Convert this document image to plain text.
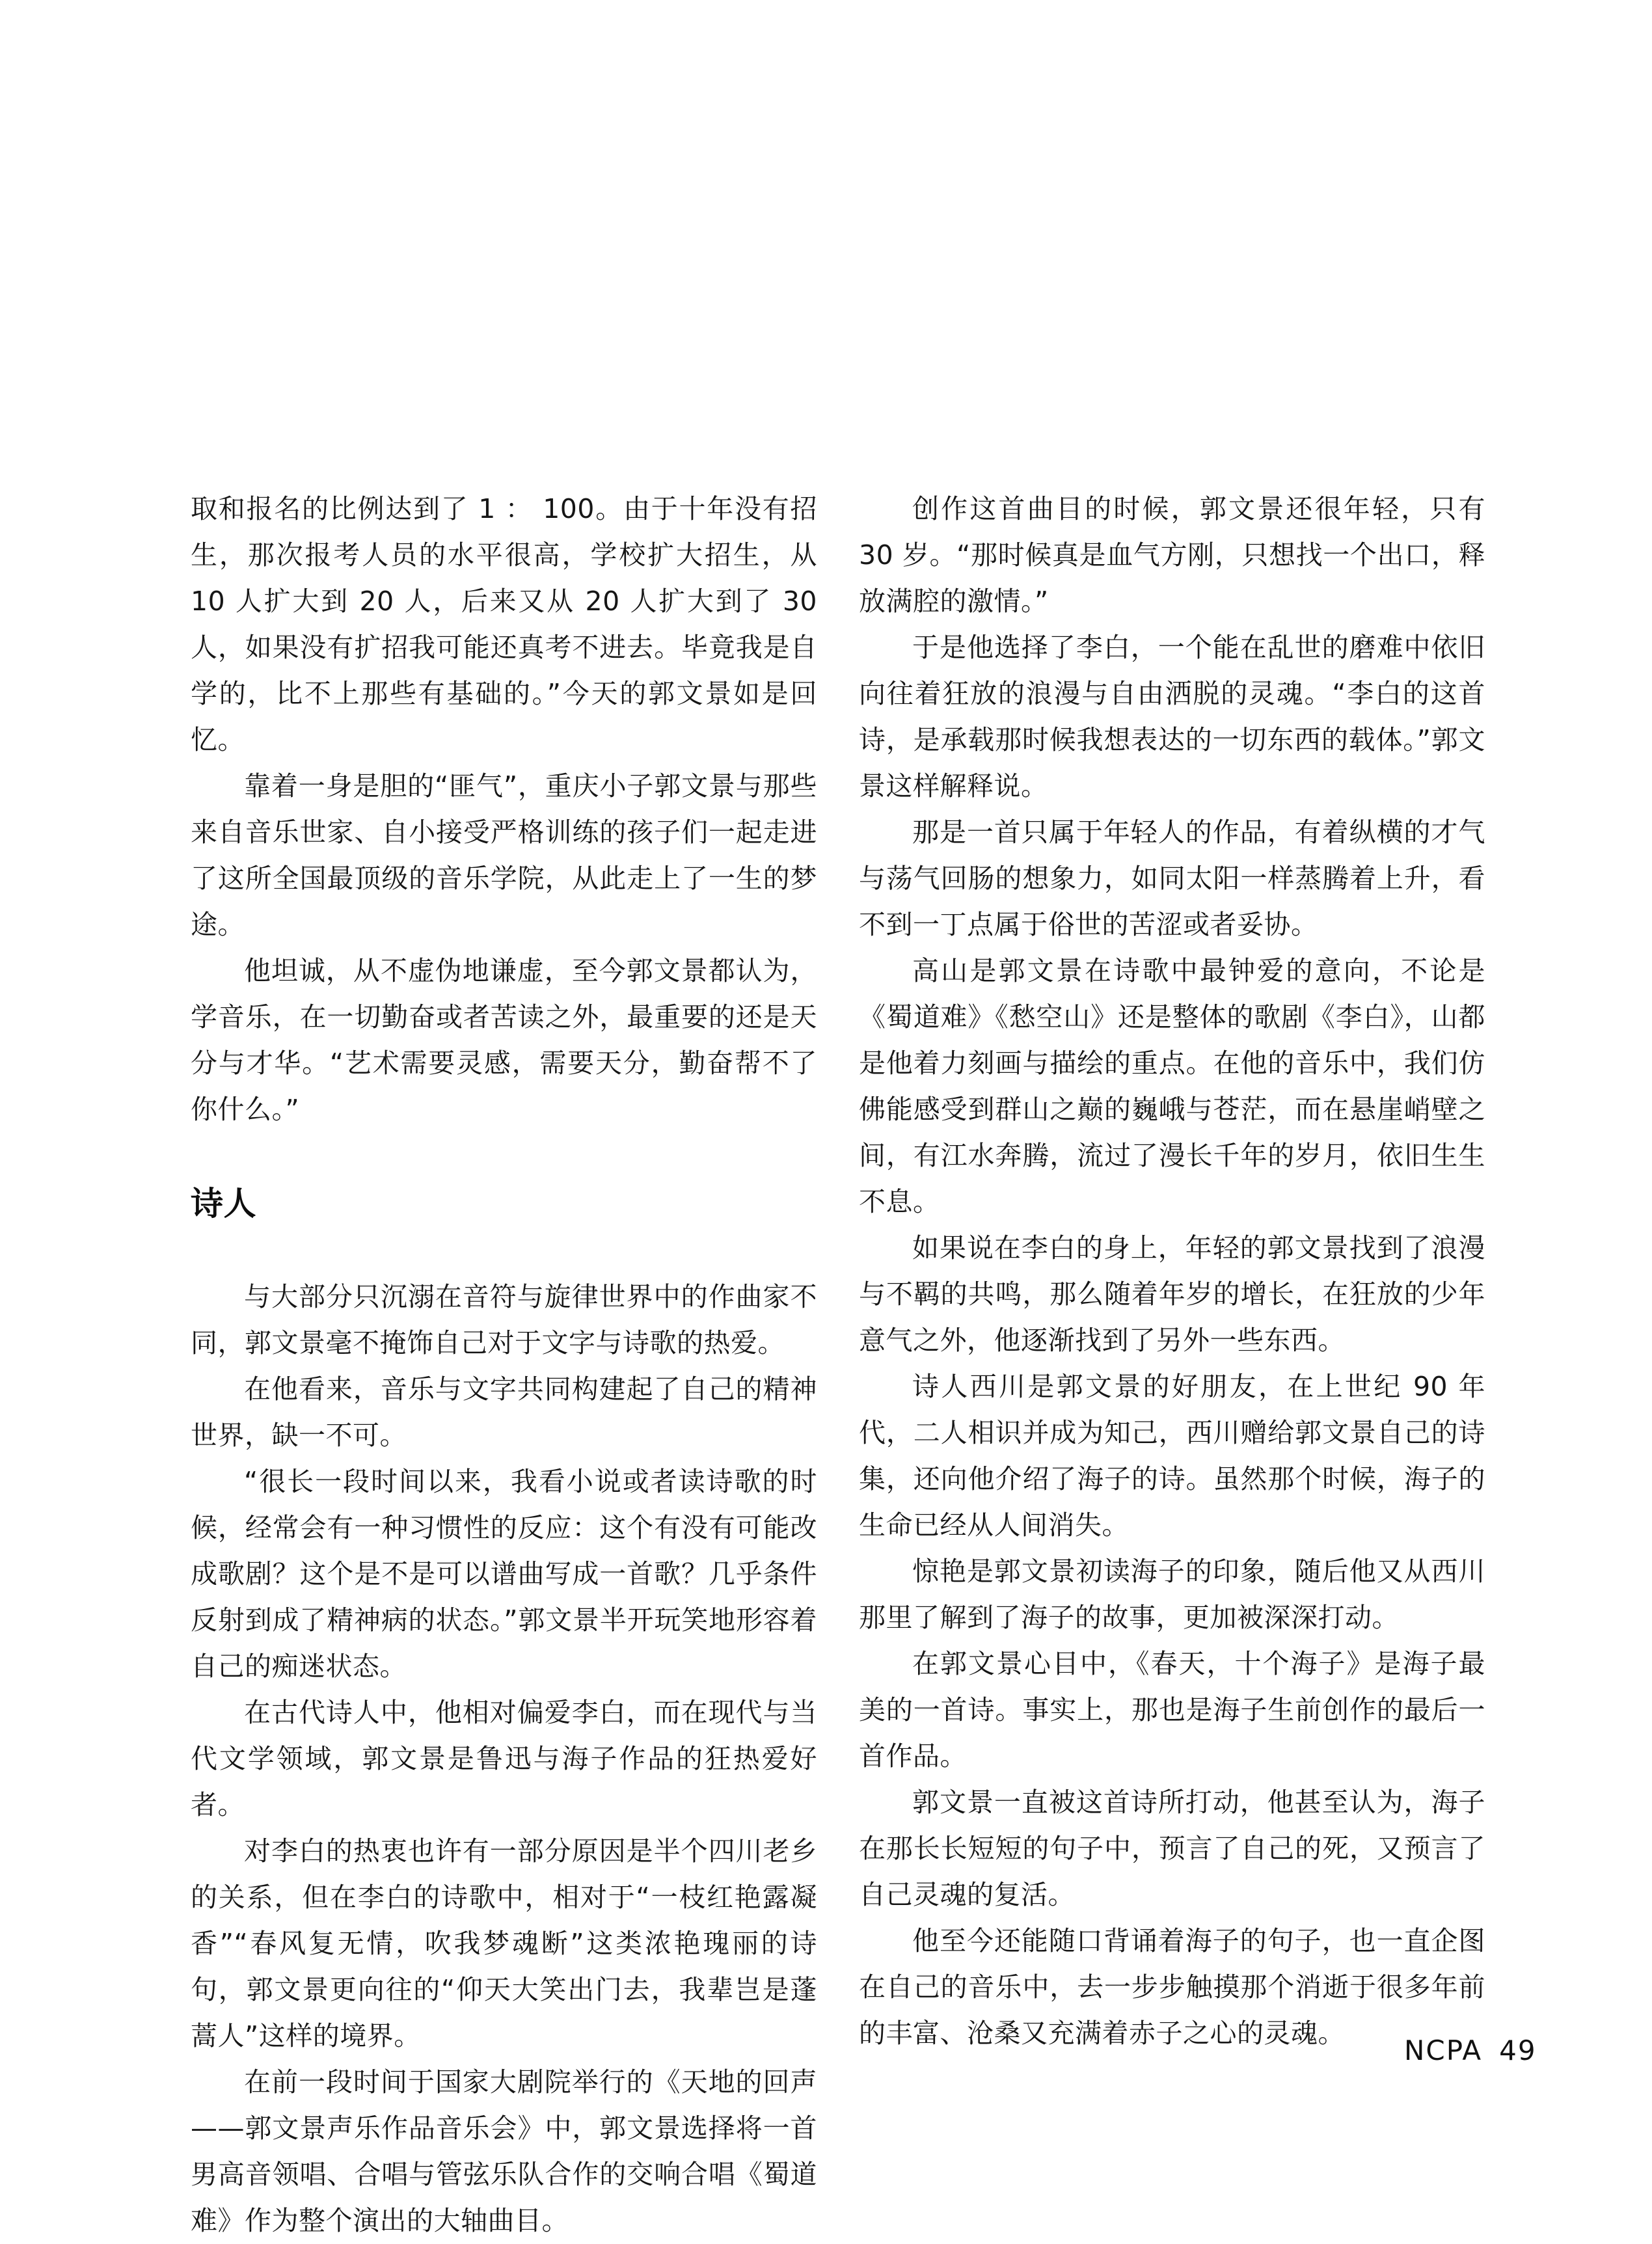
取和报名的比例达到了 1 ： 100。由于十年没有招生，那次报考人员的水平很高，学校扩大招生，从 10 人扩大到 20 人，后来又从 20 人扩大到了 30 人，如果没有扩招我可能还真考不进去。毕竟我是自学的，比不上那些有基础的。”今天的郭文景如是回忆。

靠着一身是胆的“匪气”，重庆小子郭文景与那些来自音乐世家、自小接受严格训练的孩子们一起走进了这所全国最顶级的音乐学院，从此走上了一生的梦途。

他坦诚，从不虚伪地谦虚，至今郭文景都认为，学音乐，在一切勤奋或者苦读之外，最重要的还是天分与才华。“艺术需要灵感，需要天分，勤奋帮不了你什么。”

诗人

与大部分只沉溺在音符与旋律世界中的作曲家不同，郭文景毫不掩饰自己对于文字与诗歌的热爱。

在他看来，音乐与文字共同构建起了自己的精神世界，缺一不可。

“很长一段时间以来，我看小说或者读诗歌的时候，经常会有一种习惯性的反应：这个有没有可能改成歌剧？这个是不是可以谱曲写成一首歌？几乎条件反射到成了精神病的状态。”郭文景半开玩笑地形容着自己的痴迷状态。

在古代诗人中，他相对偏爱李白，而在现代与当代文学领域，郭文景是鲁迅与海子作品的狂热爱好者。

对李白的热衷也许有一部分原因是半个四川老乡的关系，但在李白的诗歌中，相对于“一枝红艳露凝香”“春风复无情，吹我梦魂断”这类浓艳瑰丽的诗句，郭文景更向往的“仰天大笑出门去，我辈岂是蓬蒿人”这样的境界。

在前一段时间于国家大剧院举行的《天地的回声——郭文景声乐作品音乐会》中，郭文景选择将一首男高音领唱、合唱与管弦乐队合作的交响合唱《蜀道难》作为整个演出的大轴曲目。

创作这首曲目的时候，郭文景还很年轻，只有 30 岁。“那时候真是血气方刚，只想找一个出口，释放满腔的激情。”

于是他选择了李白，一个能在乱世的磨难中依旧向往着狂放的浪漫与自由洒脱的灵魂。“李白的这首诗，是承载那时候我想表达的一切东西的载体。”郭文景这样解释说。

那是一首只属于年轻人的作品，有着纵横的才气与荡气回肠的想象力，如同太阳一样蒸腾着上升，看不到一丁点属于俗世的苦涩或者妥协。

高山是郭文景在诗歌中最钟爱的意向，不论是《蜀道难》《愁空山》还是整体的歌剧《李白》，山都是他着力刻画与描绘的重点。在他的音乐中，我们仿佛能感受到群山之巅的巍峨与苍茫，而在悬崖峭壁之间，有江水奔腾，流过了漫长千年的岁月，依旧生生不息。

如果说在李白的身上，年轻的郭文景找到了浪漫与不羁的共鸣，那么随着年岁的增长，在狂放的少年意气之外，他逐渐找到了另外一些东西。

诗人西川是郭文景的好朋友，在上世纪 90 年代，二人相识并成为知己，西川赠给郭文景自己的诗集，还向他介绍了海子的诗。虽然那个时候，海子的生命已经从人间消失。

惊艳是郭文景初读海子的印象，随后他又从西川那里了解到了海子的故事，更加被深深打动。

在郭文景心目中，《春天，十个海子》是海子最美的一首诗。事实上，那也是海子生前创作的最后一首作品。

郭文景一直被这首诗所打动，他甚至认为，海子在那长长短短的句子中，预言了自己的死，又预言了自己灵魂的复活。

他至今还能随口背诵着海子的句子，也一直企图在自己的音乐中，去一步步触摸那个消逝于很多年前的丰富、沧桑又充满着赤子之心的灵魂。

NCPA 49
